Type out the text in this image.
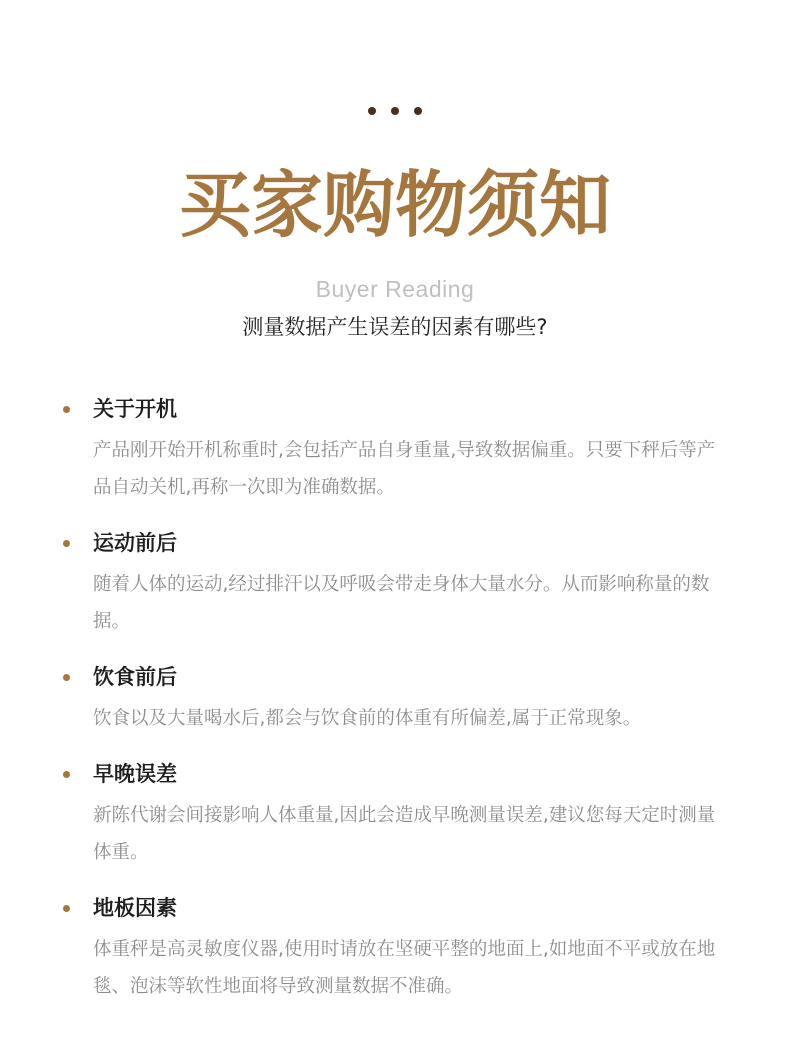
买家购物须知
Buyer Reading
测量数据产生误差的因素有哪些?
关于开机
产品刚开始开机称重时,会包括产品自身重量,导致数据偏重。只要下秤后等产品自动关机,再称一次即为准确数据。
运动前后
随着人体的运动,经过排汗以及呼吸会带走身体大量水分。从而影响称量的数据。
饮食前后
饮食以及大量喝水后,都会与饮食前的体重有所偏差,属于正常现象。
早晚误差
新陈代谢会间接影响人体重量,因此会造成早晚测量误差,建议您每天定时测量体重。
地板因素
体重秤是高灵敏度仪器,使用时请放在坚硬平整的地面上,如地面不平或放在地毯、泡沫等软性地面将导致测量数据不准确。
